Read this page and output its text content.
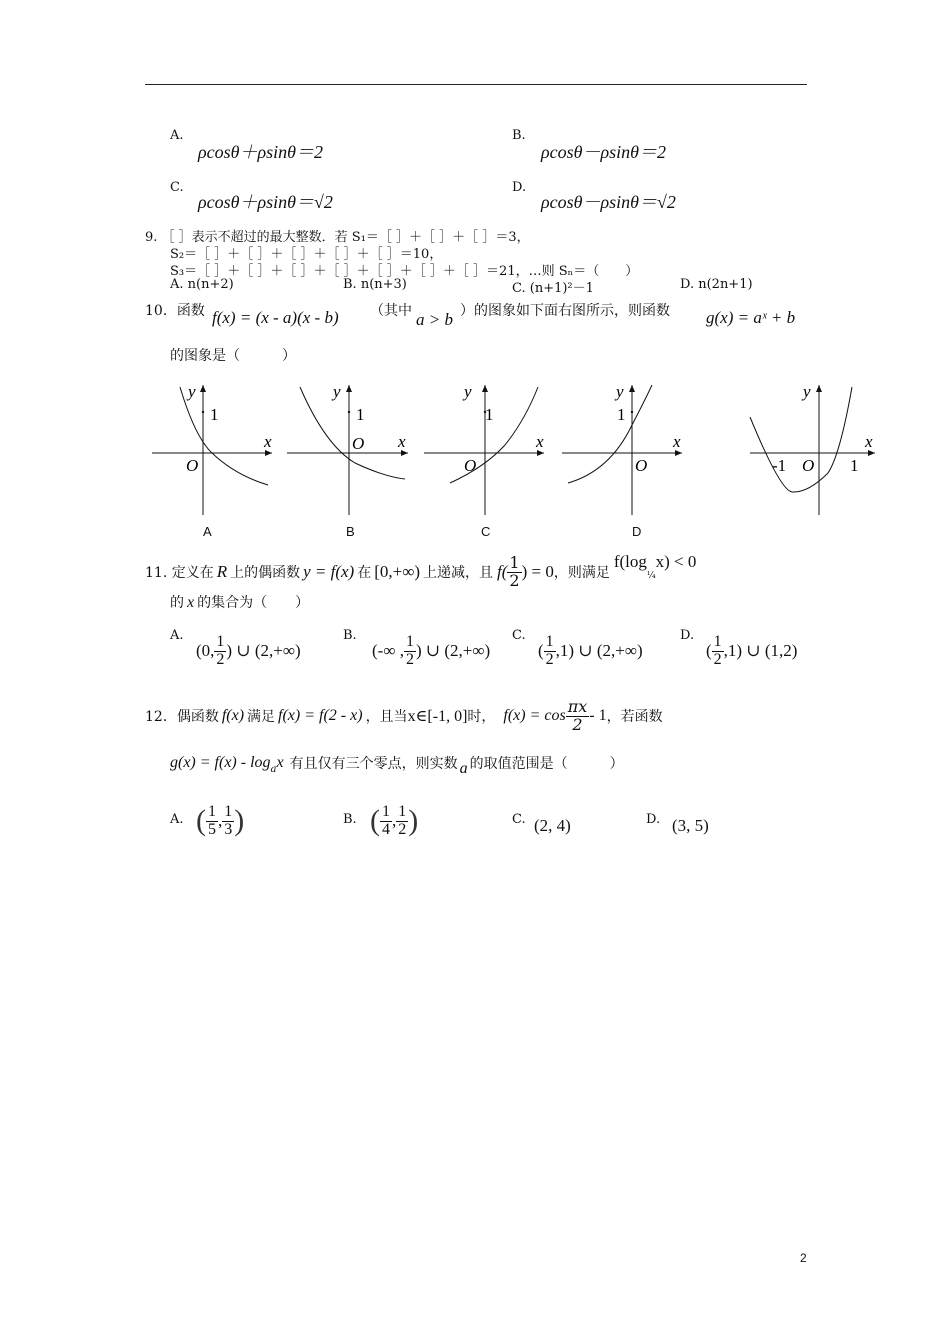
A.
ρcosθ＋ρsinθ＝2
B.
ρcosθ－ρsinθ＝2
C.
ρcosθ＋ρsinθ＝√2
D.
ρcosθ－ρsinθ＝√2
9. ［ ］表示不超过的最大整数．若 S₁＝［ ］＋［ ］＋［ ］＝3，
S₂＝［ ］＋［ ］＋［ ］＋［ ］＋［ ］＝10，
S₃＝［ ］＋［ ］＋［ ］＋［ ］＋［ ］＋［ ］＋［ ］＝21，…则 Sₙ＝（　　）
A. n(n+2)	B. n(n+3)	C. (n+1)²－1	D. n(2n+1)
10．函数 f(x) = (x - a)(x - b) （其中 a > b ）的图象如下面右图所示，则函数 g(x) = aˣ + b
的图象是（　　　）
y
1
x
O
y
1
x
O
y
1
x
O
y
1
x
O
y
x
-1 O 1
A	B	C	D
11. 定义在 R 上的偶函数 y = f(x) 在 [0,+∞) 上递减，且 $f( \frac{1}{2}$ ) = 0 ，则满足
f(log
¼
x) < 0
的 x 的集合为（　　）
A.
(0, $\frac{1}{2}$ ) ∪ (2,+∞)
B.
(-∞ , $\frac{1}{2}$ ) ∪ (2,+∞)
C.
( $\frac{1}{2} ,1$) ∪ (2,+∞)
D.
( $\frac{1}{2} ,1$) ∪ (1,2)
12．偶函数 f(x) 满足 f(x) = f(2 - x) ，且当 x∈[-1, 0] 时， $f(x) = \cos \frac{\pi x}{2} - 1$ ，若函数
g(x) = f(x) - log a x 有且仅有三个零点，则实数 a 的取值范围是（　　　）
A. ( $\frac{1}{5}$ , $\frac{1}{3}$ )	B. ( $\frac{1}{4}$ , $\frac{1}{2}$ )	C. (2, 4)	D. (3, 5)
2
